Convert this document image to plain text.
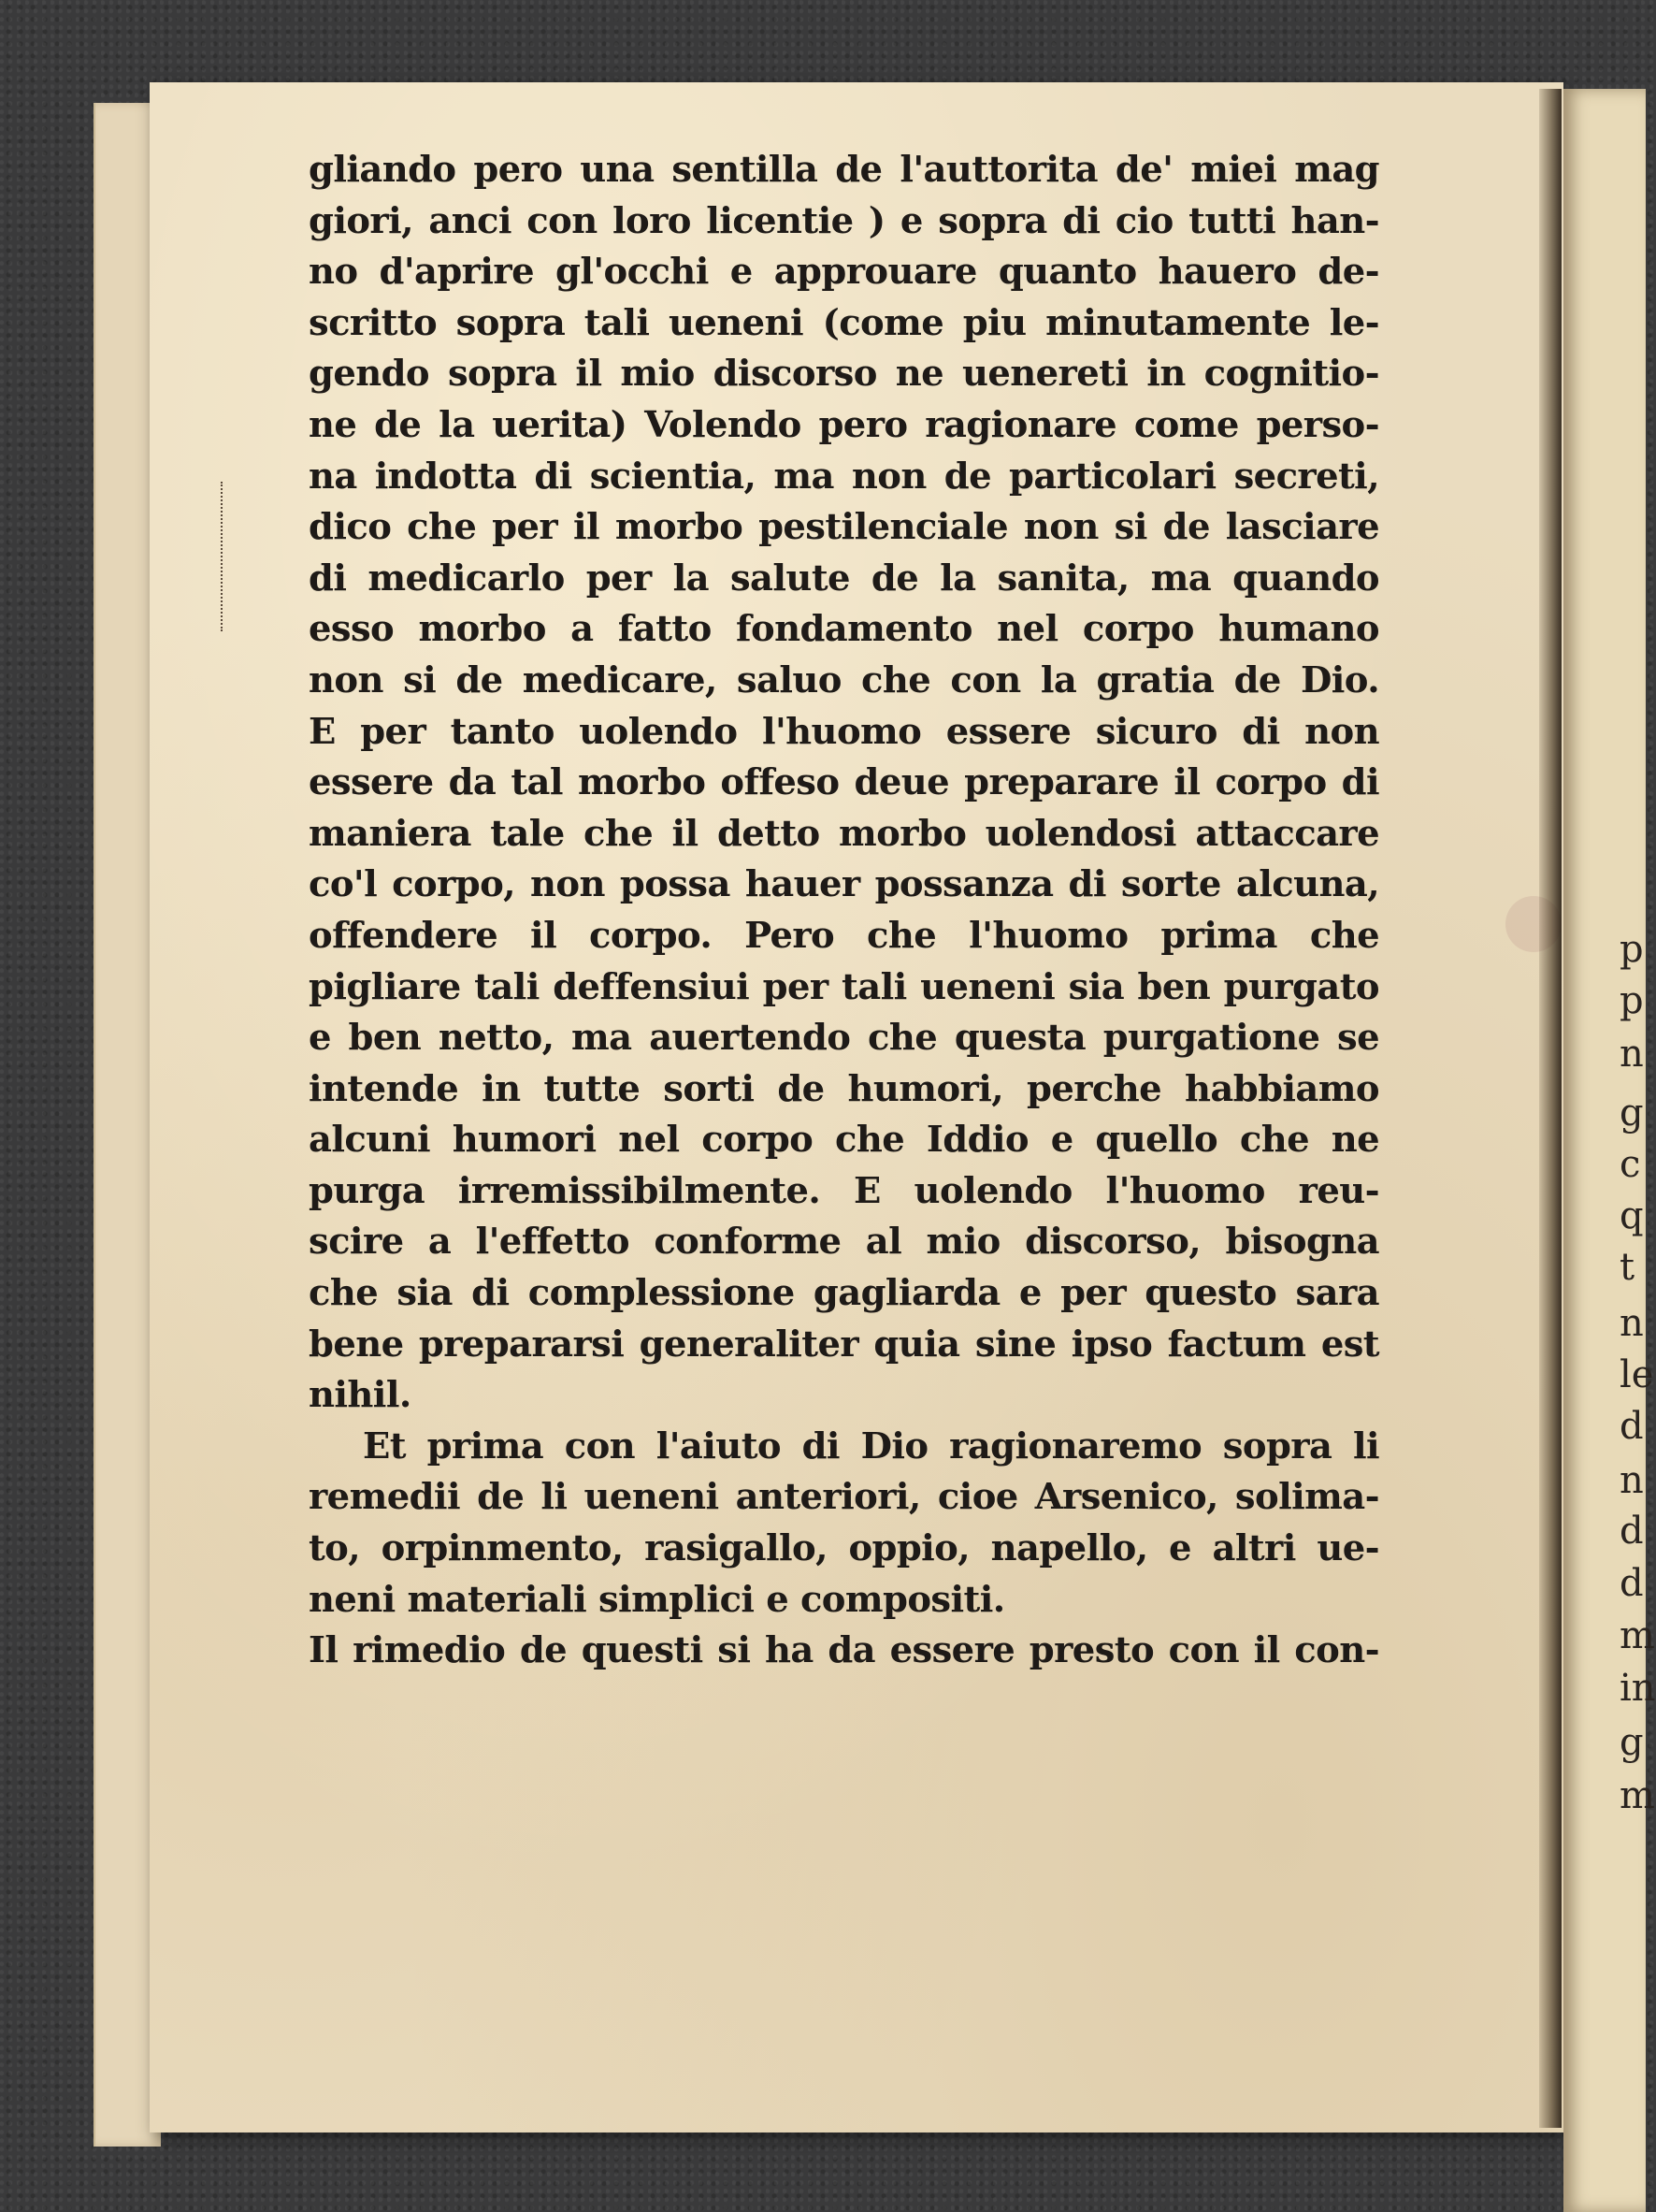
gliando pero una sentilla de l'auttorita de' miei mag
giori, anci con loro licentie ) e sopra di cio tutti han-
no d'aprire gl'occhi e approuare quanto hauero de-
scritto sopra tali ueneni (come piu minutamente le-
gendo sopra il mio discorso ne uenereti in cognitio-
ne de la uerita) Volendo pero ragionare come perso-
na indotta di scientia, ma non de particolari secreti,
dico che per il morbo pestilenciale non si de lasciare
di medicarlo per la salute de la sanita, ma quando
esso morbo a fatto fondamento nel corpo humano
non si de medicare, saluo che con la gratia de Dio.
E per tanto uolendo l'huomo essere sicuro di non
essere da tal morbo offeso deue preparare il corpo di
maniera tale che il detto morbo uolendosi attaccare
co'l corpo, non possa hauer possanza di sorte alcuna,
offendere il corpo. Pero che l'huomo prima che
pigliare tali deffensiui per tali ueneni sia ben purgato
e ben netto, ma auertendo che questa purgatione se
intende in tutte sorti de humori, perche habbiamo
alcuni humori nel corpo che Iddio e quello che ne
purga irremissibilmente. E uolendo l'huomo reu-
scire a l'effetto conforme al mio discorso, bisogna
che sia di complessione gagliarda e per questo sara
bene prepararsi generaliter quia sine ipso factum est
nihil.
Et prima con l'aiuto di Dio ragionaremo sopra li
remedii de li ueneni anteriori, cioe Arsenico, solima-
to, orpinmento, rasigallo, oppio, napello, e altri ue-
neni materiali simplici e compositi.
Il rimedio de questi si ha da essere presto con il con-
p
p
n
g
c
q
t
n
le
d
n
d
d
m
in
g
m
